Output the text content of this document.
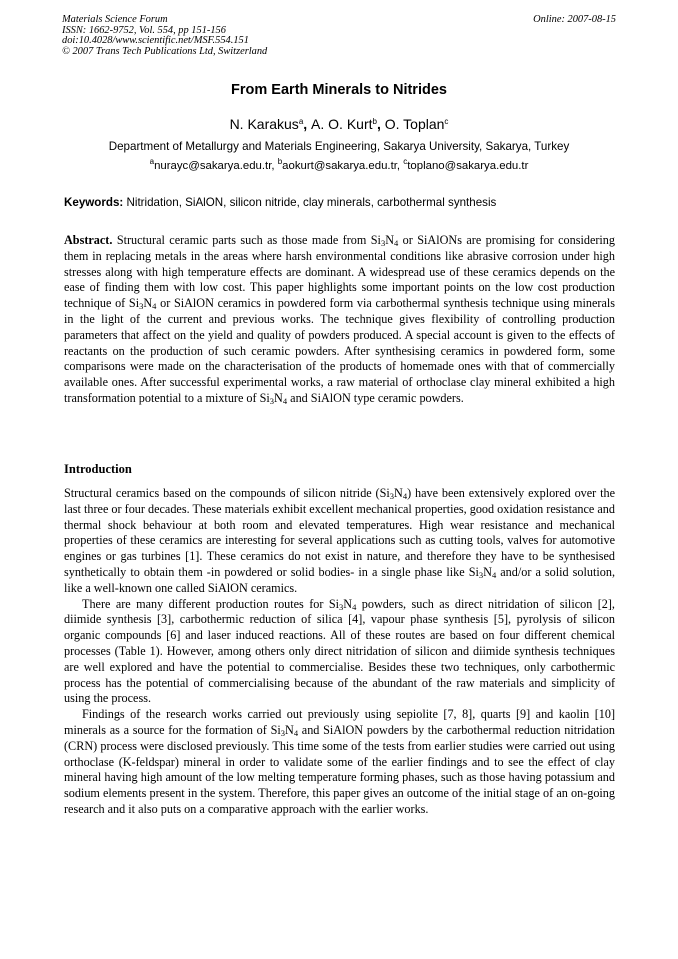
Materials Science Forum
ISSN: 1662-9752, Vol. 554, pp 151-156
doi:10.4028/www.scientific.net/MSF.554.151
© 2007 Trans Tech Publications Ltd, Switzerland
Online: 2007-08-15
From Earth Minerals to Nitrides
N. Karakus$^a$, A. O. Kurt$^b$, O. Toplan$^c$
Department of Metallurgy and Materials Engineering, Sakarya University, Sakarya, Turkey
$^a$nurayc@sakarya.edu.tr, $^b$aokurt@sakarya.edu.tr, $^c$toplano@sakarya.edu.tr
Keywords: Nitridation, SiAlON, silicon nitride, clay minerals, carbothermal synthesis
Abstract. Structural ceramic parts such as those made from $Si_3N_4$ or SiAlONs are promising for considering them in replacing metals in the areas where harsh environmental conditions like abrasive corrosion under high stresses along with high temperature effects are dominant. A widespread use of these ceramics depends on the ease of finding them with low cost. This paper highlights some important points on the low cost production technique of $Si_3N_4$ or SiAlON ceramics in powdered form via carbothermal synthesis technique using minerals in the light of the current and previous works. The technique gives flexibility of controlling production parameters that affect on the yield and quality of powders produced. A special account is given to the effects of reactants on the production of such ceramic powders. After synthesising ceramics in powdered form, some comparisons were made on the characterisation of the products of homemade ones with that of commercially available ones. After successful experimental works, a raw material of orthoclase clay mineral exhibited a high transformation potential to a mixture of $Si_3N_4$ and SiAlON type ceramic powders.
Introduction

Structural ceramics based on the compounds of silicon nitride $(Si_3N_4)$ have been extensively explored over the last three or four decades. These materials exhibit excellent mechanical properties, good oxidation resistance and thermal shock behaviour at both room and elevated temperatures. High wear resistance and mechanical properties of these ceramics are interesting for several applications such as cutting tools, valves for automotive engines or gas turbines [1]. These ceramics do not exist in nature, and therefore they have to be synthesised synthetically to obtain them -in powdered or solid bodies- in a single phase like $Si_3N_4$ and/or a solid solution, like a well-known one called SiAlON ceramics.

There are many different production routes for $Si_3N_4$ powders, such as direct nitridation of silicon [2], diimide synthesis [3], carbothermic reduction of silica [4], vapour phase synthesis [5], pyrolysis of silicon organic compounds [6] and laser induced reactions. All of these routes are based on four different chemical processes (Table 1). However, among others only direct nitridation of silicon and diimide synthesis techniques are well explored and have the potential to commercialise. Besides these two techniques, only carbothermic process has the potential of commercialising because of the abundant of the raw materials and simplicity of using the process.

Findings of the research works carried out previously using sepiolite [7, 8], quarts [9] and kaolin [10] minerals as a source for the formation of $Si_3N_4$ and SiAlON powders by the carbothermal reduction nitridation (CRN) process were disclosed previously. This time some of the tests from earlier studies were carried out using orthoclase (K-feldspar) mineral in order to validate some of the earlier findings and to see the effect of clay mineral having high amount of the low melting temperature forming phases, such as those having potassium and sodium elements present in the system. Therefore, this paper gives an outcome of the initial stage of an on-going research and it also puts on a comparative approach with the earlier works.
